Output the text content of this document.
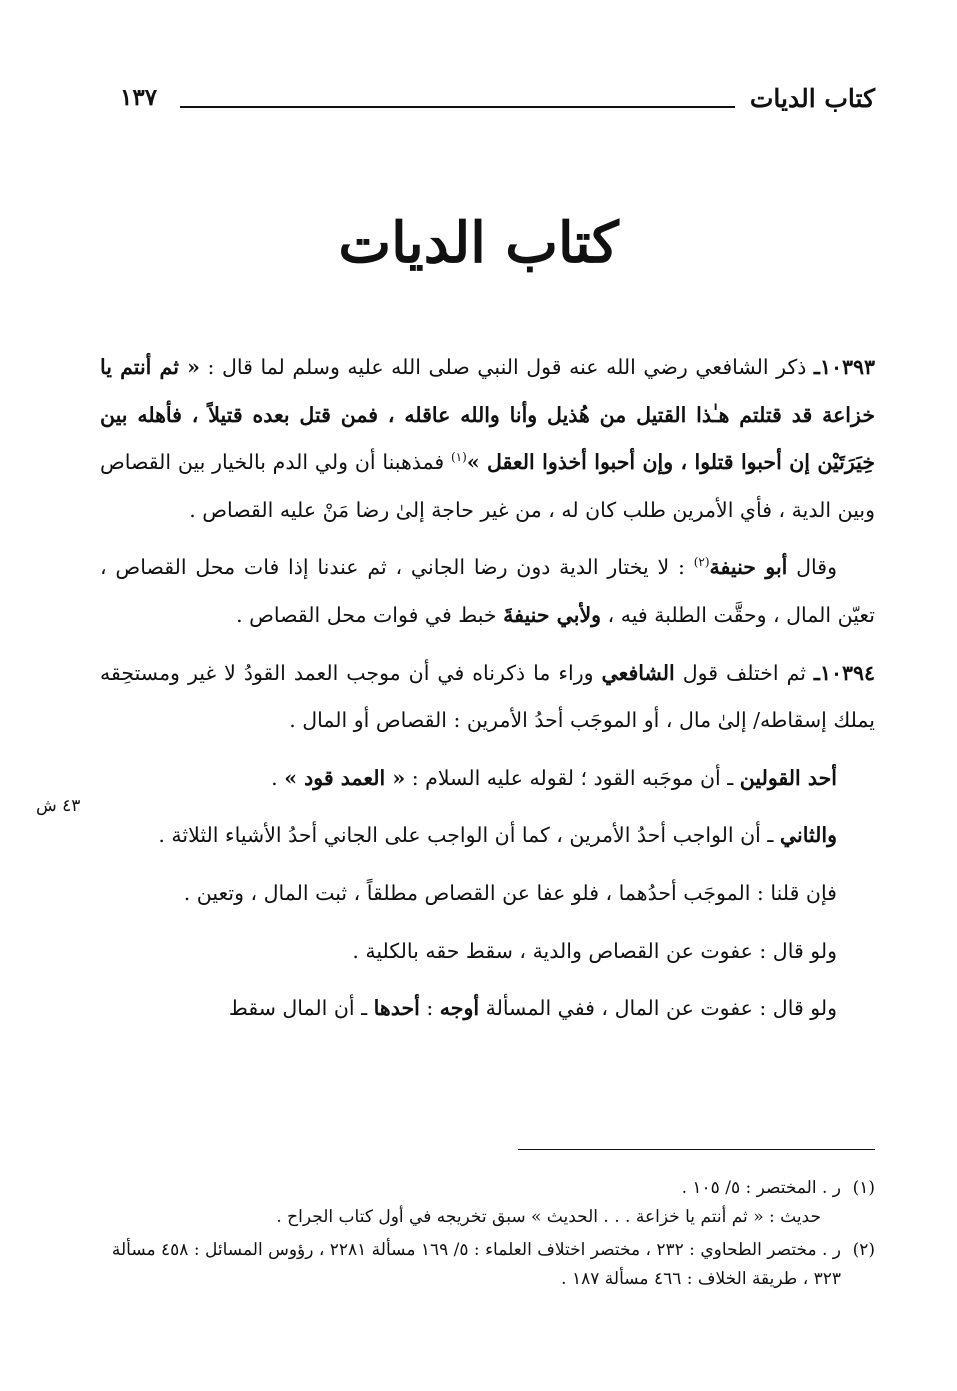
كتاب الديات
١٣٧
كتاب الديات
٤٣ ش

١٠٣٩٣ـ ذكر الشافعي رضي الله عنه قول النبي صلى الله عليه وسلم لما قال : « ثم أنتم يا خزاعة قد قتلتم هـٰذا القتيل من هُذيل وأنا والله عاقله ، فمن قتل بعده قتيلاً ، فأهله بين خِيَرَتَيْن إن أحبوا قتلوا ، وإن أحبوا أخذوا العقل »$^{(١)}$ فمذهبنا أن ولي الدم بالخيار بين القصاص وبين الدية ، فأي الأمرين طلب كان له ، من غير حاجة إلىٰ رضا مَنْ عليه القصاص .

وقال أبو حنيفة$^{(٢)}$ : لا يختار الدية دون رضا الجاني ، ثم عندنا إذا فات محل القصاص ، تعيّن المال ، وحقَّت الطلبة فيه ، ولأبي حنيفةَ خبط في فوات محل القصاص .

١٠٣٩٤ـ ثم اختلف قول الشافعي وراء ما ذكرناه في أن موجب العمد القودُ لا غير ومستحِقه يملك إسقاطه/ إلىٰ مال ، أو الموجَب أحدُ الأمرين : القصاص أو المال .

أحد القولين ـ أن موجَبه القود ؛ لقوله عليه السلام : « العمد قود » .

والثاني ـ أن الواجب أحدُ الأمرين ، كما أن الواجب على الجاني أحدُ الأشياء الثلاثة .

فإن قلنا : الموجَب أحدُهما ، فلو عفا عن القصاص مطلقاً ، ثبت المال ، وتعين .

ولو قال : عفوت عن القصاص والدية ، سقط حقه بالكلية .

ولو قال : عفوت عن المال ، ففي المسألة أوجه : أحدها ـ أن المال سقط

(١)
ر . المختصر : ٥/ ١٠٥ .
حديث : « ثم أنتم يا خزاعة . . . الحديث » سبق تخريجه في أول كتاب الجراح .
(٢)
ر . مختصر الطحاوي : ٢٣٢ ، مختصر اختلاف العلماء : ٥/ ١٦٩ مسألة ٢٢٨١ ، رؤوس المسائل : ٤٥٨ مسألة ٣٢٣ ، طريقة الخلاف : ٤٦٦ مسألة ١٨٧ .
